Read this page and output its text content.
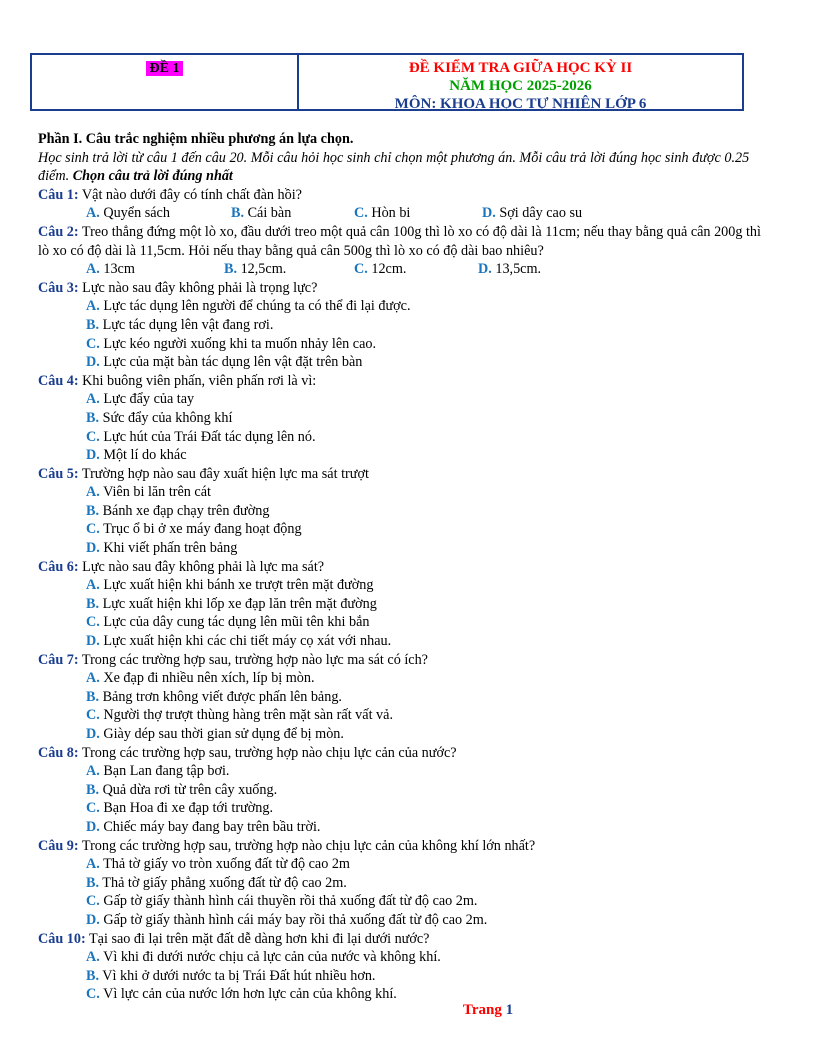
ĐỀ 1	ĐỀ KIỂM TRA GIỮA HỌC KỲ II
NĂM HỌC 2025-2026
MÔN: KHOA HỌC TỰ NHIÊN LỚP 6
Phần I. Câu trắc nghiệm nhiều phương án lựa chọn.
Học sinh trả lời từ câu 1 đến câu 20. Mỗi câu hỏi học sinh chỉ chọn một phương án. Mỗi câu trả lời đúng học sinh được 0.25 điểm. Chọn câu trả lời đúng nhất
Câu 1: Vật nào dưới đây có tính chất đàn hồi?
A. Quyển sách	B. Cái bàn	C. Hòn bi	D. Sợi dây cao su
Câu 2: Treo thẳng đứng một lò xo, đầu dưới treo một quả cân 100g thì lò xo có độ dài là 11cm; nếu thay bằng quả cân 200g thì lò xo có độ dài là 11,5cm. Hỏi nếu thay bằng quả cân 500g thì lò xo có độ dài bao nhiêu?
A. 13cm	B. 12,5cm.	C. 12cm.	D. 13,5cm.
Câu 3: Lực nào sau đây không phải là trọng lực?
A. Lực tác dụng lên người để chúng ta có thể đi lại được.
B. Lực tác dụng lên vật đang rơi.
C. Lực kéo người xuống khi ta muốn nhảy lên cao.
D. Lực của mặt bàn tác dụng lên vật đặt trên bàn
Câu 4: Khi buông viên phấn, viên phấn rơi là vì:
A. Lực đẩy của tay
B. Sức đẩy của không khí
C. Lực hút của Trái Đất tác dụng lên nó.
D. Một lí do khác
Câu 5: Trường hợp nào sau đây xuất hiện lực ma sát trượt
A. Viên bi lăn trên cát
B. Bánh xe đạp chạy trên đường
C. Trục ổ bi ở xe máy đang hoạt động
D. Khi viết phấn trên bảng
Câu 6: Lực nào sau đây không phải là lực ma sát?
A. Lực xuất hiện khi bánh xe trượt trên mặt đường
B. Lực xuất hiện khi lốp xe đạp lăn trên mặt đường
C. Lực của dây cung tác dụng lên mũi tên khi bắn
D. Lực xuất hiện khi các chi tiết máy cọ xát với nhau.
Câu 7: Trong các trường hợp sau, trường hợp nào lực ma sát có ích?
A. Xe đạp đi nhiều nên xích, líp bị mòn.
B. Bảng trơn không viết được phấn lên bảng.
C. Người thợ trượt thùng hàng trên mặt sàn rất vất vả.
D. Giày dép sau thời gian sử dụng để bị mòn.
Câu 8: Trong các trường hợp sau, trường hợp nào chịu lực cản của nước?
A. Bạn Lan đang tập bơi.
B. Quả dừa rơi từ trên cây xuống.
C. Bạn Hoa đi xe đạp tới trường.
D. Chiếc máy bay đang bay trên bầu trời.
Câu 9: Trong các trường hợp sau, trường hợp nào chịu lực cản của không khí lớn nhất?
A. Thả tờ giấy vo tròn xuống đất từ độ cao 2m
B. Thả tờ giấy phẳng xuống đất từ độ cao 2m.
C. Gấp tờ giấy thành hình cái thuyền rồi thả xuống đất từ độ cao 2m.
D. Gấp tờ giấy thành hình cái máy bay rồi thả xuống đất từ độ cao 2m.
Câu 10: Tại sao đi lại trên mặt đất dễ dàng hơn khi đi lại dưới nước?
A. Vì khi đi dưới nước chịu cả lực cản của nước và không khí.
B. Vì khi ở dưới nước ta bị Trái Đất hút nhiều hơn.
C. Vì lực cản của nước lớn hơn lực cản của không khí.
Trang 1
